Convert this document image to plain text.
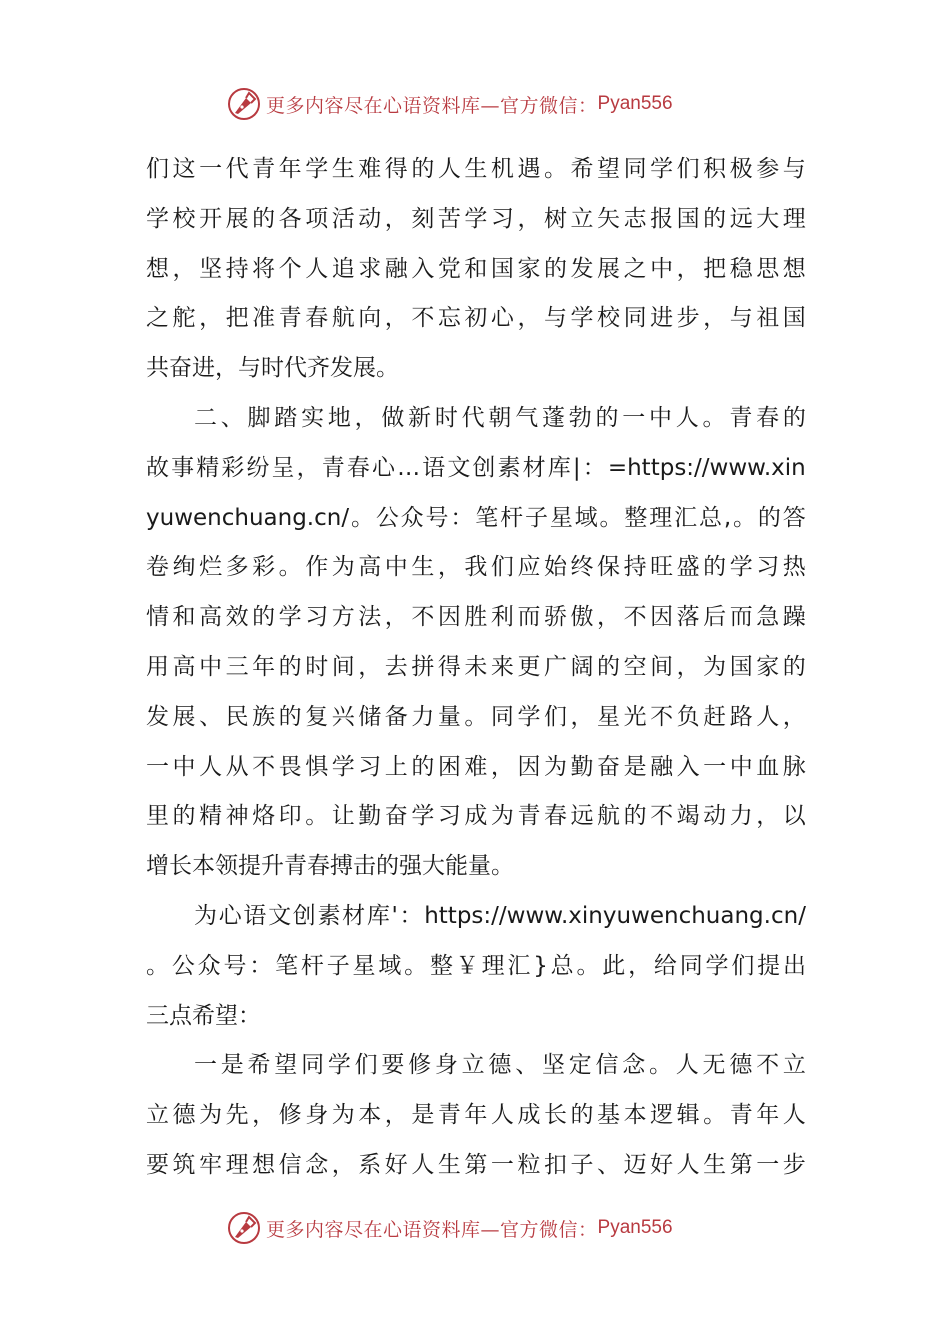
更多内容尽在心语资料库—官方微信： Pyan556
们 这 一 代 青 年 学 生 难 得 的 人 生 机 遇 。 希 望 同 学 们 积 极 参 与
学 校 开 展 的 各 项 活 动 ， 刻 苦 学 习 ， 树 立 矢 志 报 国 的 远 大 理
想 ， 坚 持 将 个 人 追 求 融 入 党 和 国 家 的 发 展 之 中 ， 把 稳 思 想
之 舵 ， 把 准 青 春 航 向 ， 不 忘 初 心 ， 与 学 校 同 进 步 ， 与 祖 国
共奋进，与时代齐发展。
二 、 脚 踏 实 地 ， 做 新 时 代 朝 气 蓬 勃 的 一 中 人 。 青 春 的
故 事 精 彩 纷 呈 ， 青 春 心 … 语 文 创 素 材 库 | ： =https://www.xin
yuwenchuang.cn/ 。 公 众 号 ： 笔 杆 子 星 域 。 整 理 汇 总 , 。 的 答
卷 绚 烂 多 彩 。 作 为 高 中 生 ， 我 们 应 始 终 保 持 旺 盛 的 学 习 热
情 和 高 效 的 学 习 方 法 ， 不 因 胜 利 而 骄 傲 ， 不 因 落 后 而 急 躁
用 高 中 三 年 的 时 间 ， 去 拼 得 未 来 更 广 阔 的 空 间 ， 为 国 家 的
发 展 、 民 族 的 复 兴 储 备 力 量 。 同 学 们 ， 星 光 不 负 赶 路 人 ，
一 中 人 从 不 畏 惧 学 习 上 的 困 难 ， 因 为 勤 奋 是 融 入 一 中 血 脉
里 的 精 神 烙 印 。 让 勤 奋 学 习 成 为 青 春 远 航 的 不 竭 动 力 ， 以
增长本领提升青春搏击的强大能量。
为 心 语 文 创 素 材 库 ' ： https://www.xinyuwenchuang.cn/
。 公 众 号 ： 笔 杆 子 星 域 。 整 ￥ 理 汇 } 总 。 此 ， 给 同 学 们 提 出
三点希望：
一 是 希 望 同 学 们 要 修 身 立 德 、 坚 定 信 念 。 人 无 德 不 立
立 德 为 先 ， 修 身 为 本 ， 是 青 年 人 成 长 的 基 本 逻 辑 。 青 年 人
要 筑 牢 理 想 信 念 ， 系 好 人 生 第 一 粒 扣 子 、 迈 好 人 生 第 一 步
更多内容尽在心语资料库—官方微信： Pyan556
